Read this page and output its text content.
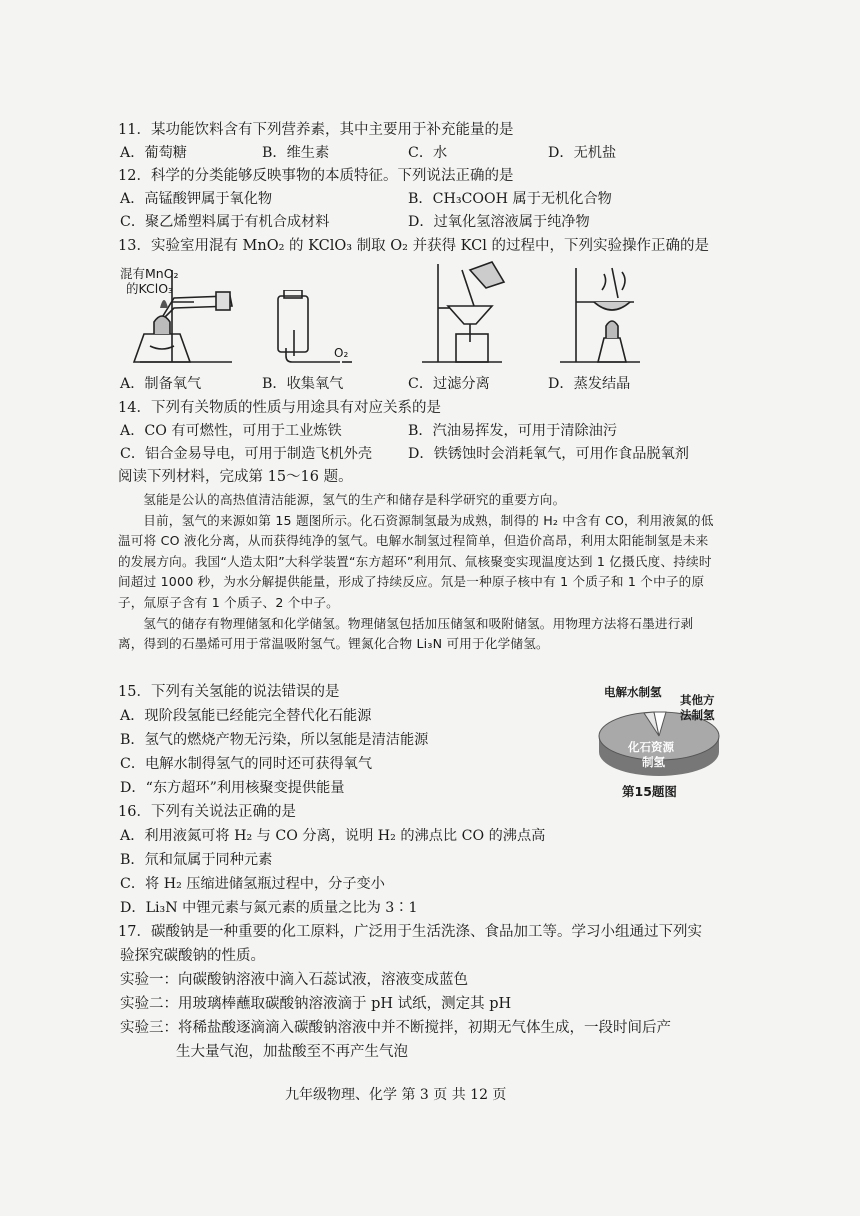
11．某功能饮料含有下列营养素，其中主要用于补充能量的是
A．葡萄糖	B．维生素	C．水	D．无机盐
12．科学的分类能够反映事物的本质特征。下列说法正确的是
A．高锰酸钾属于氧化物	B．CH₃COOH 属于无机化合物
C．聚乙烯塑料属于有机合成材料	D．过氧化氢溶液属于纯净物
13．实验室用混有 MnO₂ 的 KClO₃ 制取 O₂ 并获得 KCl 的过程中，下列实验操作正确的是
混有MnO₂
的KClO₃
O₂
A．制备氧气	B．收集氧气	C．过滤分离	D．蒸发结晶
14．下列有关物质的性质与用途具有对应关系的是
A．CO 有可燃性，可用于工业炼铁	B．汽油易挥发，可用于清除油污
C．铝合金易导电，可用于制造飞机外壳	D．铁锈蚀时会消耗氧气，可用作食品脱氧剂
阅读下列材料，完成第 15～16 题。

氢能是公认的高热值清洁能源，氢气的生产和储存是科学研究的重要方向。

目前，氢气的来源如第 15 题图所示。化石资源制氢最为成熟，制得的 H₂ 中含有 CO，利用液氮的低温可将 CO 液化分离，从而获得纯净的氢气。电解水制氢过程简单，但造价高昂，利用太阳能制氢是未来的发展方向。我国“人造太阳”大科学装置“东方超环”利用氘、氚核聚变实现温度达到 1 亿摄氏度、持续时间超过 1000 秒，为水分解提供能量，形成了持续反应。氘是一种原子核中有 1 个质子和 1 个中子的原子，氚原子含有 1 个质子、2 个中子。

氢气的储存有物理储氢和化学储氢。物理储氢包括加压储氢和吸附储氢。用物理方法将石墨进行剥离，得到的石墨烯可用于常温吸附氢气。锂氮化合物 Li₃N 可用于化学储氢。

15．下列有关氢能的说法错误的是
A．现阶段氢能已经能完全替代化石能源
B．氢气的燃烧产物无污染，所以氢能是清洁能源
C．电解水制得氢气的同时还可获得氧气
D．“东方超环”利用核聚变提供能量
电解水制氢
其他方
法制氢
化石资源
制氢
第15题图
16．下列有关说法正确的是
A．利用液氮可将 H₂ 与 CO 分离，说明 H₂ 的沸点比 CO 的沸点高
B．氘和氚属于同种元素
C．将 H₂ 压缩进储氢瓶过程中，分子变小
D．Li₃N 中锂元素与氮元素的质量之比为 3∶1
17．碳酸钠是一种重要的化工原料，广泛用于生活洗涤、食品加工等。学习小组通过下列实
验探究碳酸钠的性质。
实验一：向碳酸钠溶液中滴入石蕊试液，溶液变成蓝色
实验二：用玻璃棒蘸取碳酸钠溶液滴于 pH 试纸，测定其 pH
实验三：将稀盐酸逐滴滴入碳酸钠溶液中并不断搅拌，初期无气体生成，一段时间后产
生大量气泡，加盐酸至不再产生气泡
九年级物理、化学 第 3 页 共 12 页
